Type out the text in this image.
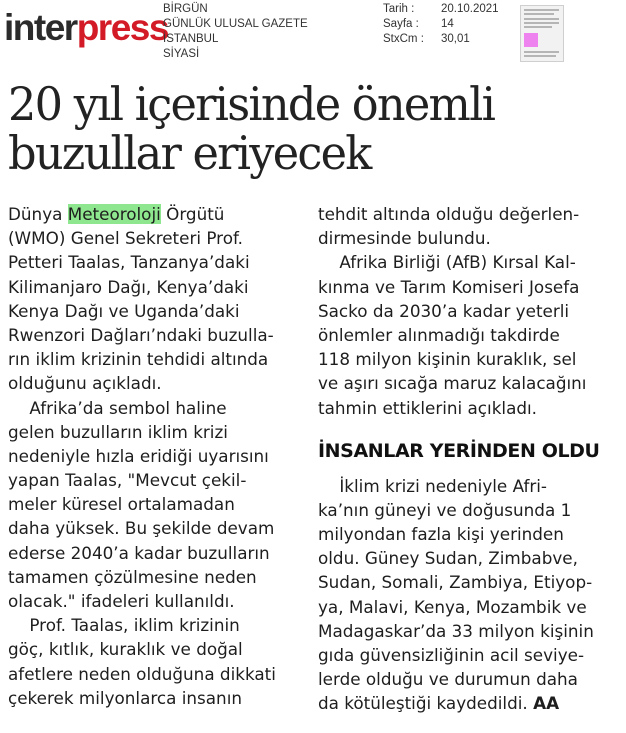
interpress
BİRGÜN
GÜNLÜK ULUSAL GAZETE
İSTANBUL
SİYASİ
Tarih :
Sayfa :
StxCm :
20.10.2021
14
30,01
20 yıl içerisinde önemli
buzullar eriyecek
Dünya Meteoroloji Örgütü
(WMO) Genel Sekreteri Prof.
Petteri Taalas, Tanzanya’daki
Kilimanjaro Dağı, Kenya’daki
Kenya Dağı ve Uganda’daki
Rwenzori Dağları’ndaki buzulla-
rın iklim krizinin tehdidi altında
olduğunu açıkladı.
Afrika’da sembol haline
gelen buzulların iklim krizi
nedeniyle hızla eridiği uyarısını
yapan Taalas, "Mevcut çekil-
meler küresel ortalamadan
daha yüksek. Bu şekilde devam
ederse 2040’a kadar buzulların
tamamen çözülmesine neden
olacak." ifadeleri kullanıldı.
Prof. Taalas, iklim krizinin
göç, kıtlık, kuraklık ve doğal
afetlere neden olduğuna dikkati
çekerek milyonlarca insanın
tehdit altında olduğu değerlen-
dirmesinde bulundu.
Afrika Birliği (AfB) Kırsal Kal-
kınma ve Tarım Komiseri Josefa
Sacko da 2030’a kadar yeterli
önlemler alınmadığı takdirde
118 milyon kişinin kuraklık, sel
ve aşırı sıcağa maruz kalacağını
tahmin ettiklerini açıkladı.
İNSANLAR YERİNDEN OLDU
İklim krizi nedeniyle Afri-
ka’nın güneyi ve doğusunda 1
milyondan fazla kişi yerinden
oldu. Güney Sudan, Zimbabve,
Sudan, Somali, Zambiya, Etiyop-
ya, Malavi, Kenya, Mozambik ve
Madagaskar’da 33 milyon kişinin
gıda güvensizliğinin acil seviye-
lerde olduğu ve durumun daha
da kötüleştiği kaydedildi. AA
